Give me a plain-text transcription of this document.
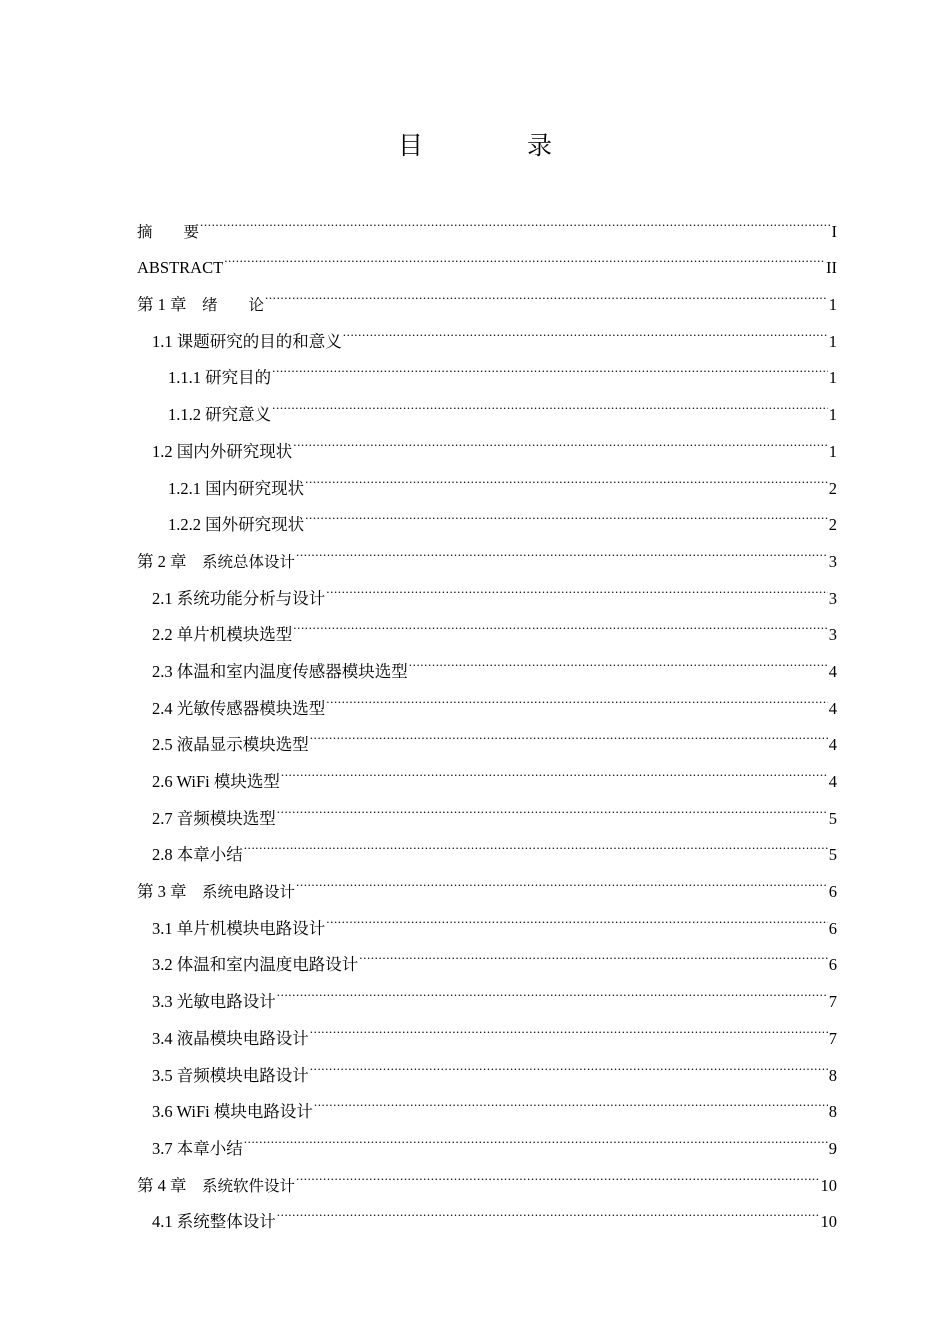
目 录
摘　　要 .....	I
ABSTRACT .....	II
第 1 章　 绪　　论 .....	1
1.1 课题研究的目的和意义 .....	1
1.1.1 研究目的 .....	1
1.1.2 研究意义 .....	1
1.2 国内外研究现状 .....	1
1.2.1 国内研究现状 .....	2
1.2.2 国外研究现状 .....	2
第 2 章　 系统总体设计 .....	3
2.1 系统功能分析与设计 .....	3
2.2 单片机模块选型 .....	3
2.3 体温和室内温度传感器模块选型 .....	4
2.4 光敏传感器模块选型 .....	4
2.5 液晶显示模块选型 .....	4
2.6 WiFi 模块选型 .....	4
2.7 音频模块选型 .....	5
2.8 本章小结 .....	5
第 3 章　 系统电路设计 .....	6
3.1 单片机模块电路设计 .....	6
3.2 体温和室内温度电路设计 .....	6
3.3 光敏电路设计 .....	7
3.4 液晶模块电路设计 .....	7
3.5 音频模块电路设计 .....	8
3.6 WiFi 模块电路设计 .....	8
3.7 本章小结 .....	9
第 4 章　 系统软件设计 .....	10
4.1 系统整体设计 .....	10
